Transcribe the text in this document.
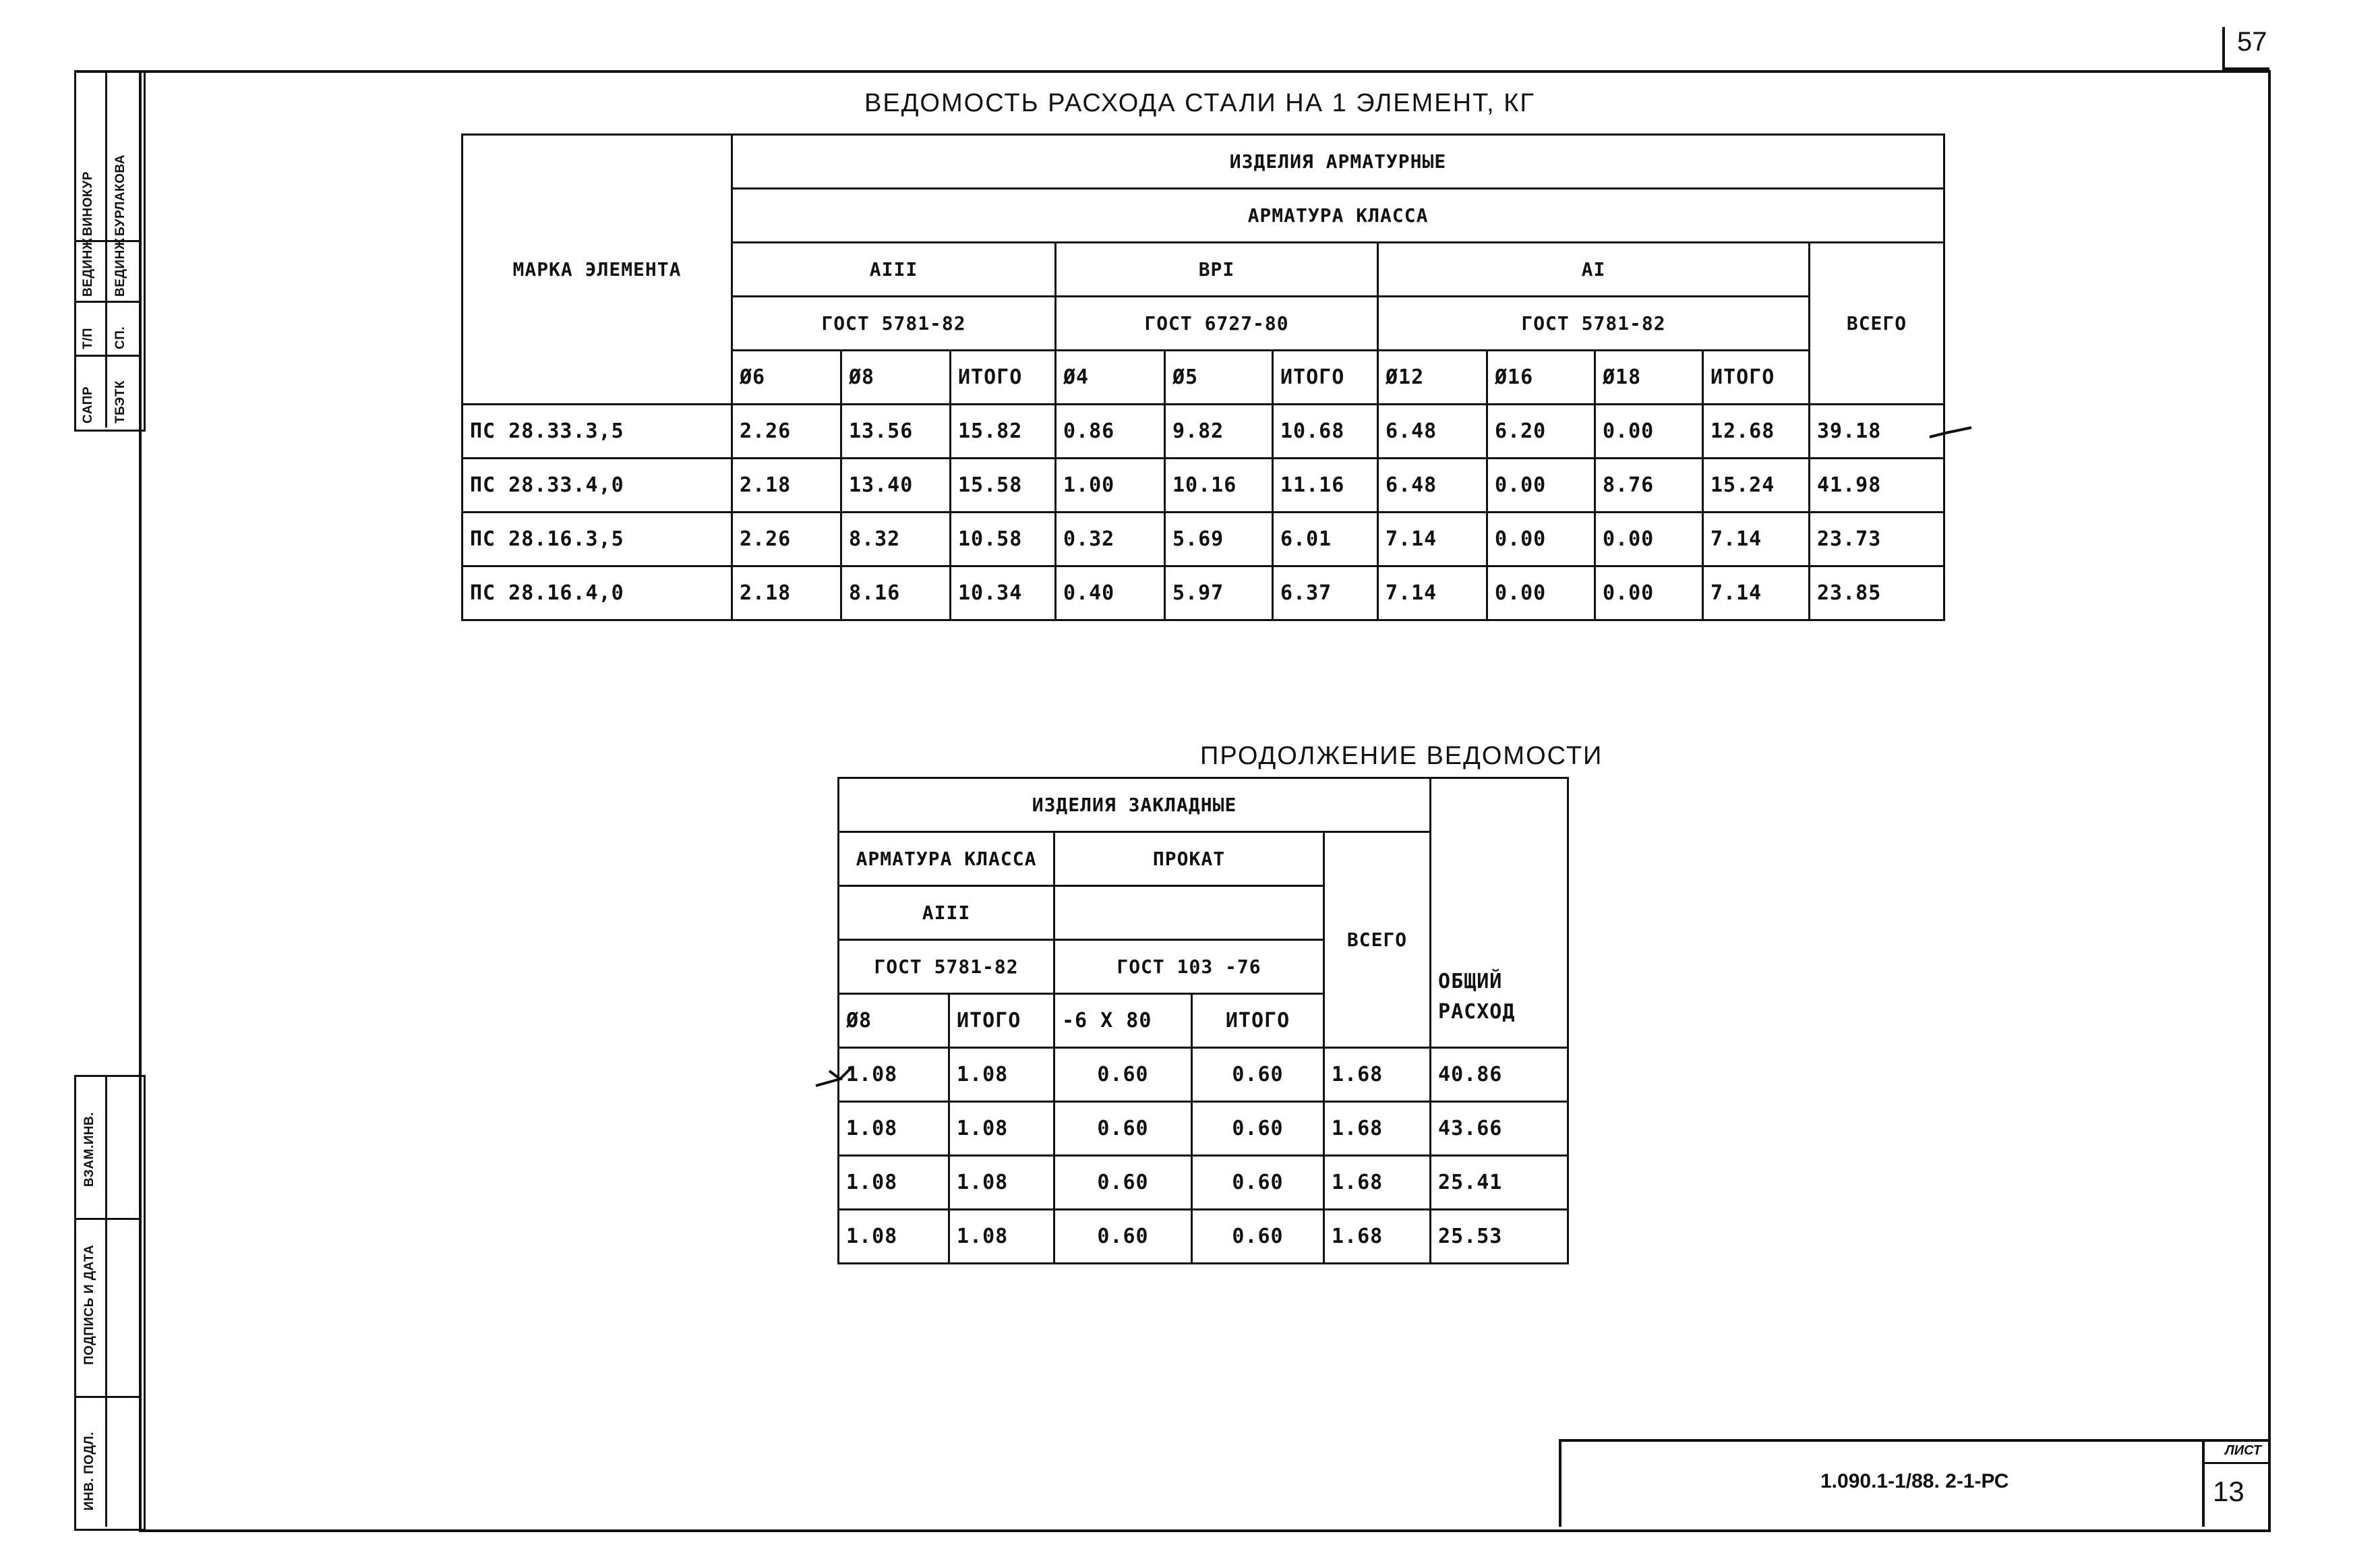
57
САПР ТБЭТК
Т/П СП.
ВЕДИНЖ ВЕДИНЖ
ВИНОКУР БУРЛАКОВА
ИНВ. ПОДЛ.
ПОДПИСЬ И ДАТА
ВЗАМ.ИНВ.
ВЕДОМОСТЬ РАСХОДА СТАЛИ НА 1 ЭЛЕМЕНТ, КГ
МАРКА ЭЛЕМЕНТА	ИЗДЕЛИЯ АРМАТУРНЫЕ										
	АРМАТУРА КЛАССА										
	АIII			ВРI			АI				ВСЕГО
	ГОСТ 5781-82			ГОСТ 6727-80			ГОСТ 5781-82				
	Ø6	Ø8	ИТОГО	Ø4	Ø5	ИТОГО	Ø12	Ø16	Ø18	ИТОГО	
ПС 28.33.3,5	2.26	13.56	15.82	0.86	9.82	10.68	6.48	6.20	0.00	12.68	39.18
ПС 28.33.4,0	2.18	13.40	15.58	1.00	10.16	11.16	6.48	0.00	8.76	15.24	41.98
ПС 28.16.3,5	2.26	8.32	10.58	0.32	5.69	6.01	7.14	0.00	0.00	7.14	23.73
ПС 28.16.4,0	2.18	8.16	10.34	0.40	5.97	6.37	7.14	0.00	0.00	7.14	23.85
ПРОДОЛЖЕНИЕ ВЕДОМОСТИ
ИЗДЕЛИЯ ЗАКЛАДНЫЕ					ОБЩИЙ
РАСХОД

АРМАТУРА КЛАССА		ПРОКАТ		ВСЕГО	
АIII					
ГОСТ 5781-82		ГОСТ 103 -76			
Ø8	ИТОГО	-6 Х 80	ИТОГО		
1.08	1.08	0.60	0.60	1.68	40.86
1.08	1.08	0.60	0.60	1.68	43.66
1.08	1.08	0.60	0.60	1.68	25.41
1.08	1.08	0.60	0.60	1.68	25.53
1.090.1-1/88. 2-1-РС
ЛИСТ
13
